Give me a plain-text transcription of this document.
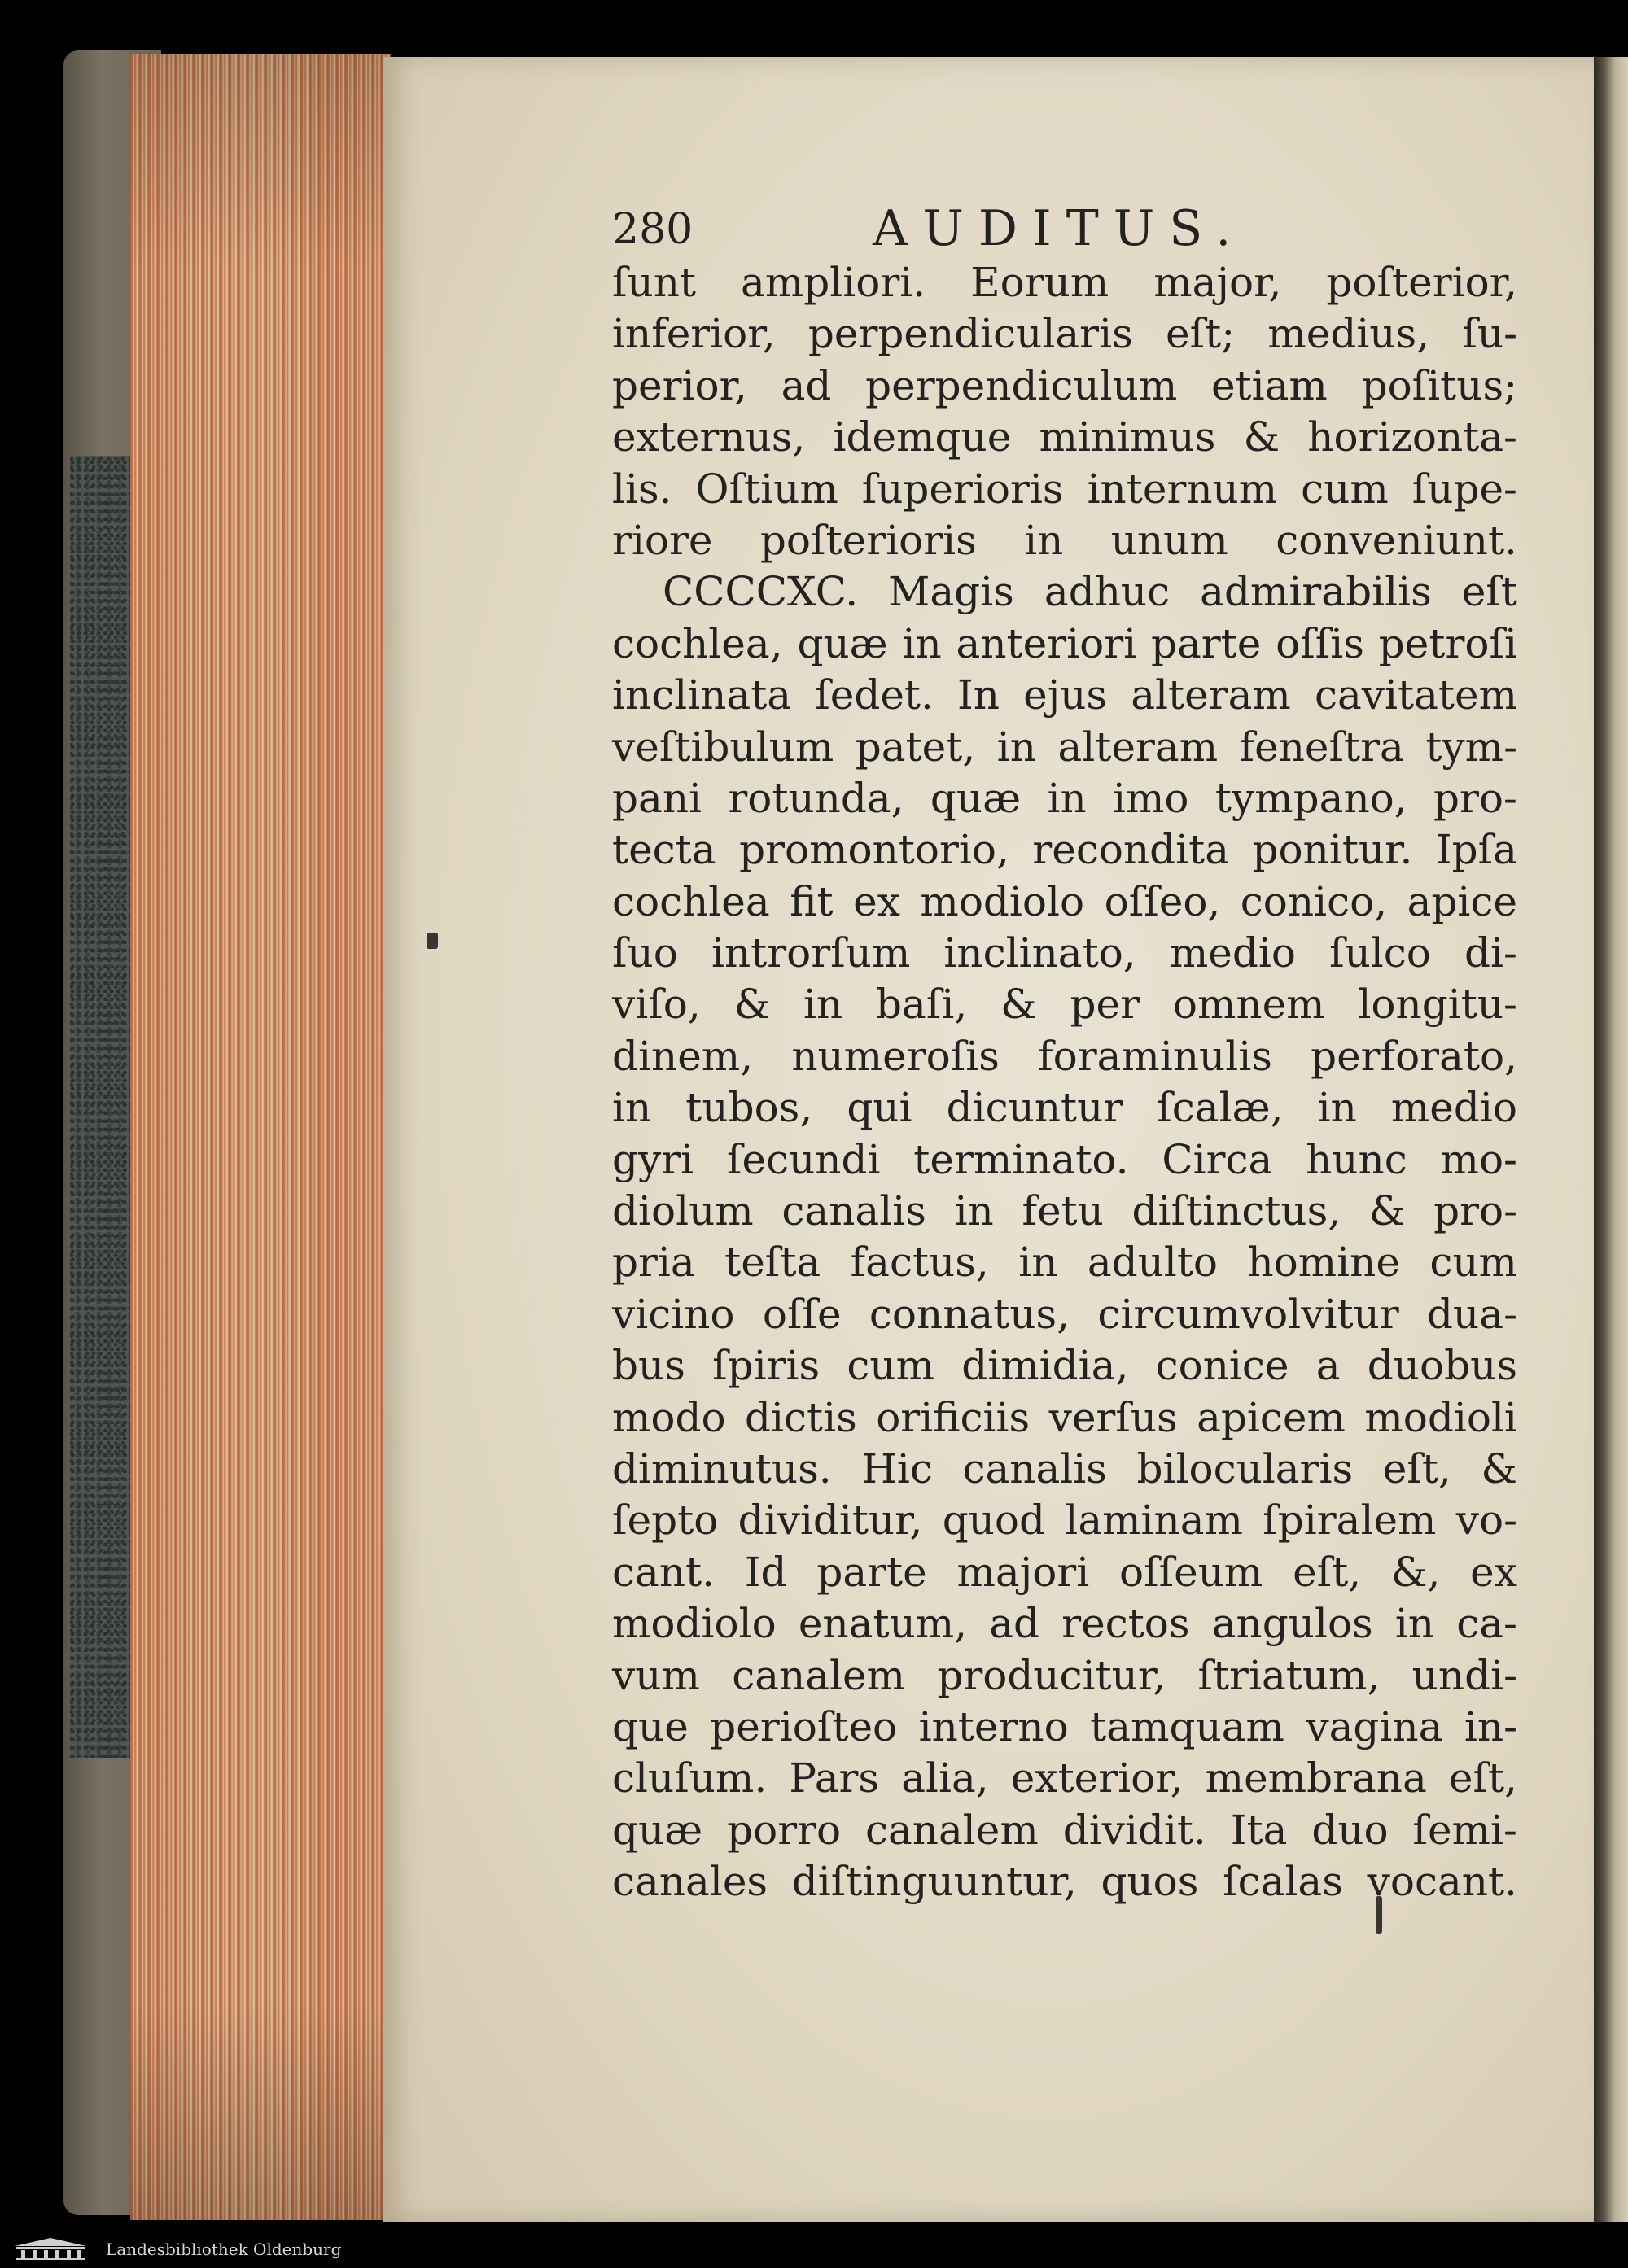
280	AUDITUS.
ſunt ampliori. Eorum major, poſterior,
inferior, perpendicularis eſt; medius, ſu-
perior, ad perpendiculum etiam poſitus;
externus, idemque minimus & horizonta-
lis. Oſtium ſuperioris internum cum ſupe-
riore poſterioris in unum conveniunt.
CCCCXC. Magis adhuc admirabilis eſt
cochlea, quæ in anteriori parte oſſis petroſi
inclinata ſedet. In ejus alteram cavitatem
veſtibulum patet, in alteram feneſtra tym-
pani rotunda, quæ in imo tympano, pro-
tecta promontorio, recondita ponitur. Ipſa
cochlea fit ex modiolo oſſeo, conico, apice
ſuo introrſum inclinato, medio ſulco di-
viſo, & in baſi, & per omnem longitu-
dinem, numeroſis foraminulis perforato,
in tubos, qui dicuntur ſcalæ, in medio
gyri ſecundi terminato. Circa hunc mo-
diolum canalis in fetu diſtinctus, & pro-
pria teſta factus, in adulto homine cum
vicino oſſe connatus, circumvolvitur dua-
bus ſpiris cum dimidia, conice a duobus
modo dictis orificiis verſus apicem modioli
diminutus. Hic canalis bilocularis eſt, &
ſepto dividitur, quod laminam ſpiralem vo-
cant. Id parte majori oſſeum eſt, &, ex
modiolo enatum, ad rectos angulos in ca-
vum canalem producitur, ſtriatum, undi-
que perioſteo interno tamquam vagina in-
cluſum. Pars alia, exterior, membrana eſt,
quæ porro canalem dividit. Ita duo ſemi-
canales diſtinguuntur, quos ſcalas vocant.
Landesbibliothek Oldenburg
